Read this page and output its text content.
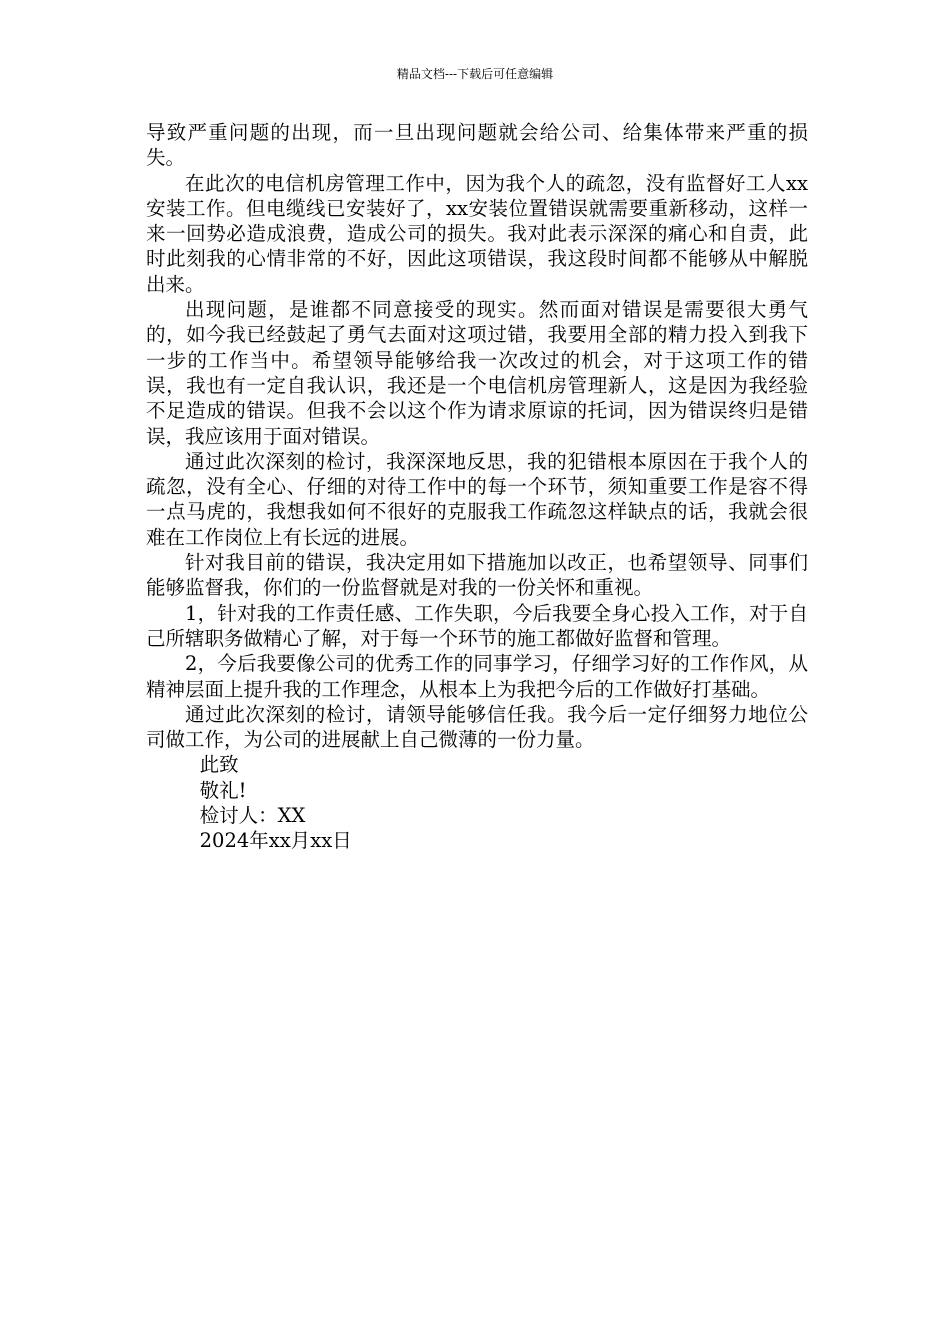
精品文档---下载后可任意编辑

导致严重问题的出现，而一旦出现问题就会给公司、给集体带来严重的损失。

在此次的电信机房管理工作中，因为我个人的疏忽，没有监督好工人xx安装工作。但电缆线已安装好了，xx安装位置错误就需要重新移动，这样一来一回势必造成浪费，造成公司的损失。我对此表示深深的痛心和自责，此时此刻我的心情非常的不好，因此这项错误，我这段时间都不能够从中解脱出来。

出现问题，是谁都不同意接受的现实。然而面对错误是需要很大勇气的，如今我已经鼓起了勇气去面对这项过错，我要用全部的精力投入到我下一步的工作当中。希望领导能够给我一次改过的机会，对于这项工作的错误，我也有一定自我认识，我还是一个电信机房管理新人，这是因为我经验不足造成的错误。但我不会以这个作为请求原谅的托词，因为错误终归是错误，我应该用于面对错误。

通过此次深刻的检讨，我深深地反思，我的犯错根本原因在于我个人的疏忽，没有全心、仔细的对待工作中的每一个环节，须知重要工作是容不得一点马虎的，我想我如何不很好的克服我工作疏忽这样缺点的话，我就会很难在工作岗位上有长远的进展。

针对我目前的错误，我决定用如下措施加以改正，也希望领导、同事们能够监督我，你们的一份监督就是对我的一份关怀和重视。

1，针对我的工作责任感、工作失职，今后我要全身心投入工作，对于自己所辖职务做精心了解，对于每一个环节的施工都做好监督和管理。

2，今后我要像公司的优秀工作的同事学习，仔细学习好的工作作风，从精神层面上提升我的工作理念，从根本上为我把今后的工作做好打基础。

通过此次深刻的检讨，请领导能够信任我。我今后一定仔细努力地位公司做工作，为公司的进展献上自己微薄的一份力量。

此致

敬礼!

检讨人：XX

2024年xx月xx日
